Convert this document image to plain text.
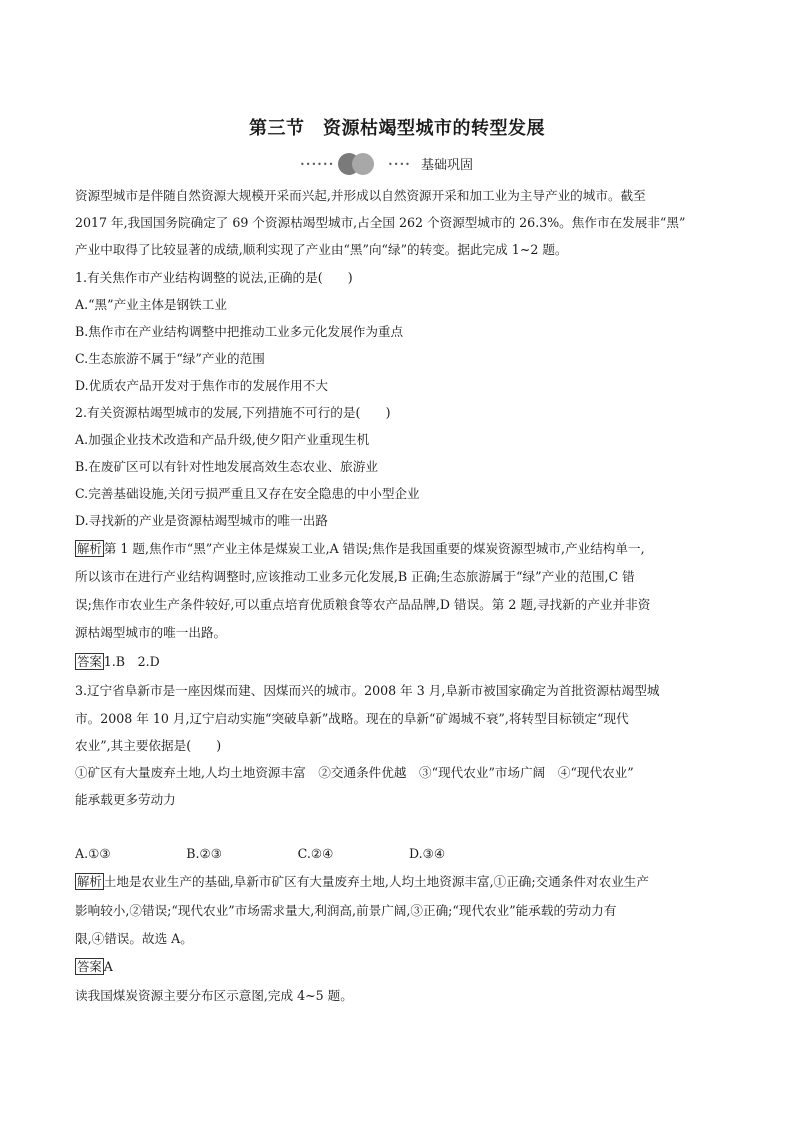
第三节　资源枯竭型城市的转型发展
••••••	•••• 基础巩固
资源型城市是伴随自然资源大规模开采而兴起,并形成以自然资源开采和加工业为主导产业的城市。截至
2017 年,我国国务院确定了 69 个资源枯竭型城市,占全国 262 个资源型城市的 26.3%。焦作市在发展非“黑”
产业中取得了比较显著的成绩,顺利实现了产业由“黑”向“绿”的转变。据此完成 1~2 题。
1.有关焦作市产业结构调整的说法,正确的是(　　)
A.“黑”产业主体是钢铁工业
B.焦作市在产业结构调整中把推动工业多元化发展作为重点
C.生态旅游不属于“绿”产业的范围
D.优质农产品开发对于焦作市的发展作用不大
2.有关资源枯竭型城市的发展,下列措施不可行的是(　　)
A.加强企业技术改造和产品升级,使夕阳产业重现生机
B.在废矿区可以有针对性地发展高效生态农业、旅游业
C.完善基础设施,关闭亏损严重且又存在安全隐患的中小型企业
D.寻找新的产业是资源枯竭型城市的唯一出路
解析 第 1 题,焦作市“黑”产业主体是煤炭工业,A 错误;焦作是我国重要的煤炭资源型城市,产业结构单一,
所以该市在进行产业结构调整时,应该推动工业多元化发展,B 正确;生态旅游属于“绿”产业的范围,C 错
误;焦作市农业生产条件较好,可以重点培育优质粮食等农产品品牌,D 错误。第 2 题,寻找新的产业并非资
源枯竭型城市的唯一出路。
答案 1.B　2.D
3.辽宁省阜新市是一座因煤而建、因煤而兴的城市。2008 年 3 月,阜新市被国家确定为首批资源枯竭型城
市。2008 年 10 月,辽宁启动实施“突破阜新”战略。现在的阜新“矿竭城不衰”,将转型目标锁定“现代
农业”,其主要依据是(　　)
①矿区有大量废弃土地,人均土地资源丰富　②交通条件优越　③“现代农业”市场广阔　④“现代农业”
能承载更多劳动力
A.①③　　　　　　B.②③　　　　　　C.②④　　　　　　D.③④
解析 土地是农业生产的基础,阜新市矿区有大量废弃土地,人均土地资源丰富,①正确;交通条件对农业生产
影响较小,②错误;“现代农业”市场需求量大,利润高,前景广阔,③正确;“现代农业”能承载的劳动力有
限,④错误。故选 A。
答案 A
读我国煤炭资源主要分布区示意图,完成 4~5 题。
